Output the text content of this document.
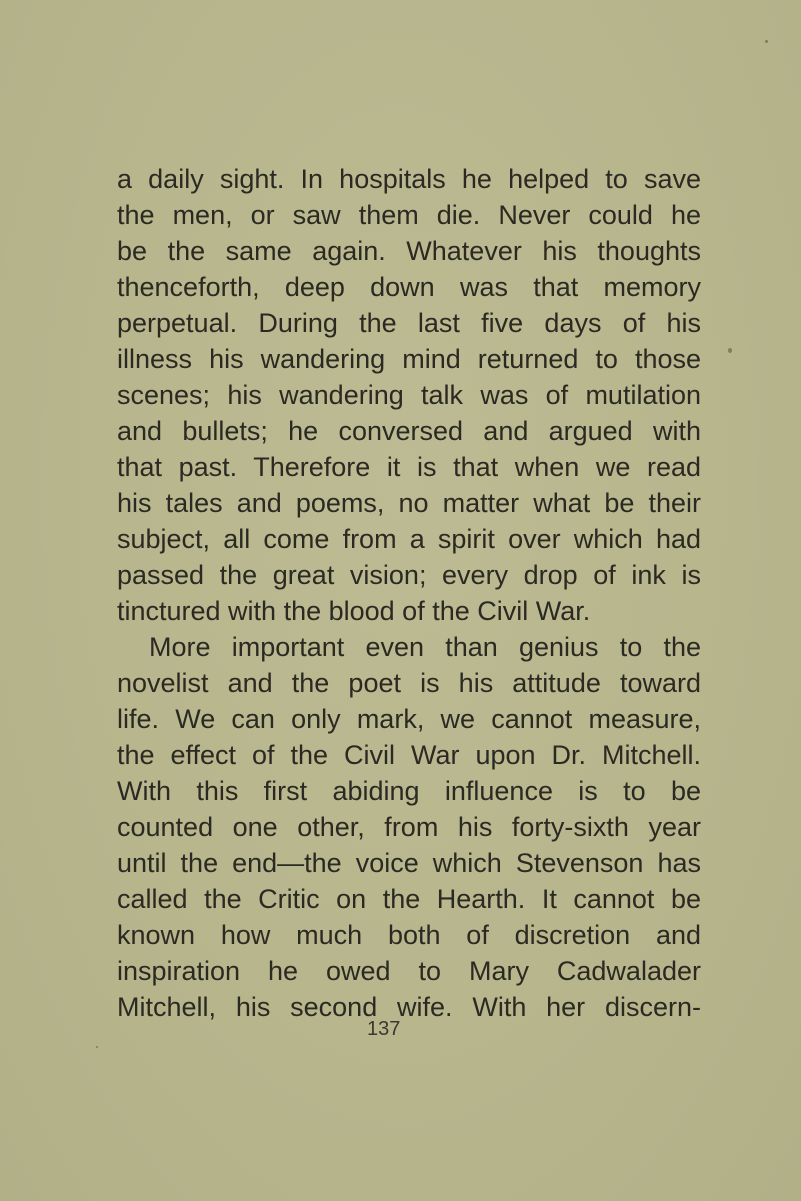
a daily sight. In hospitals he helped to save
the men, or saw them die. Never could he
be the same again. Whatever his thoughts
thenceforth, deep down was that memory
perpetual. During the last five days of his
illness his wandering mind returned to those
scenes; his wandering talk was of mutilation
and bullets; he conversed and argued with
that past. Therefore it is that when we read
his tales and poems, no matter what be their
subject, all come from a spirit over which had
passed the great vision; every drop of ink is
tinctured with the blood of the Civil War.
More important even than genius to the
novelist and the poet is his attitude toward
life. We can only mark, we cannot measure,
the effect of the Civil War upon Dr. Mitchell.
With this first abiding influence is to be
counted one other, from his forty-sixth year
until the end—the voice which Stevenson has
called the Critic on the Hearth. It cannot be
known how much both of discretion and
inspiration he owed to Mary Cadwalader
Mitchell, his second wife. With her discern-
137
